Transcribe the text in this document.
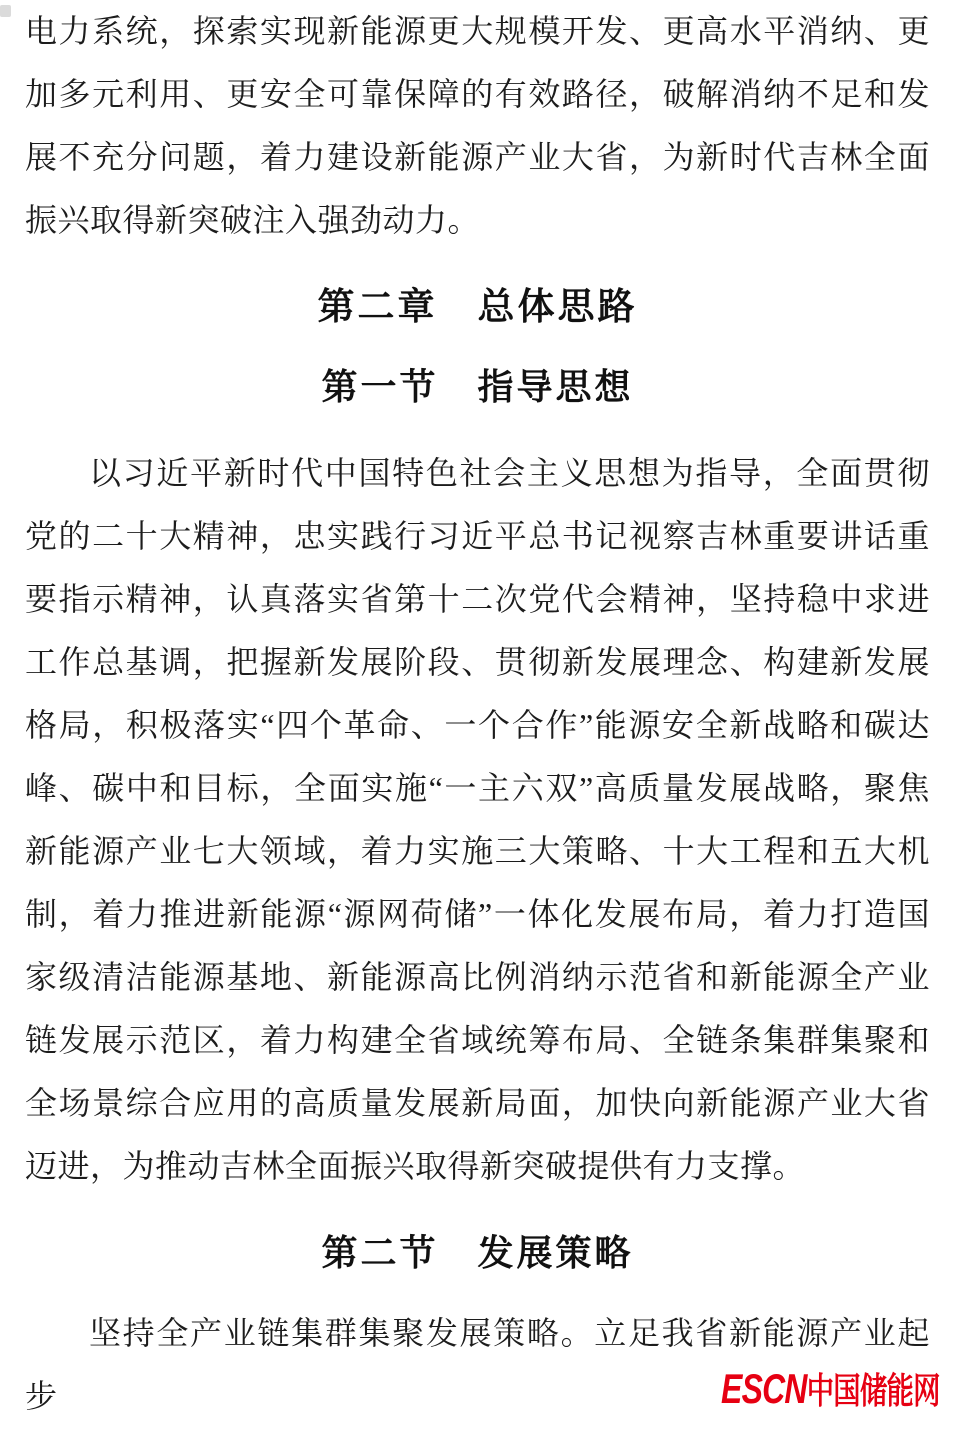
电力系统，探索实现新能源更大规模开发、更高水平消纳、更加多元利用、更安全可靠保障的有效路径，破解消纳不足和发展不充分问题，着力建设新能源产业大省，为新时代吉林全面振兴取得新突破注入强劲动力。

第二章　总体思路
第一节　指导思想

以习近平新时代中国特色社会主义思想为指导，全面贯彻党的二十大精神，忠实践行习近平总书记视察吉林重要讲话重要指示精神，认真落实省第十二次党代会精神，坚持稳中求进工作总基调，把握新发展阶段、贯彻新发展理念、构建新发展格局，积极落实“四个革命、一个合作”能源安全新战略和碳达峰、碳中和目标，全面实施“一主六双”高质量发展战略，聚焦新能源产业七大领域，着力实施三大策略、十大工程和五大机制，着力推进新能源“源网荷储”一体化发展布局，着力打造国家级清洁能源基地、新能源高比例消纳示范省和新能源全产业链发展示范区，着力构建全省域统筹布局、全链条集群集聚和全场景综合应用的高质量发展新局面，加快向新能源产业大省迈进，为推动吉林全面振兴取得新突破提供有力支撑。

第二节　发展策略

坚持全产业链集群集聚发展策略。立足我省新能源产业起步	ESCN中国储能网
